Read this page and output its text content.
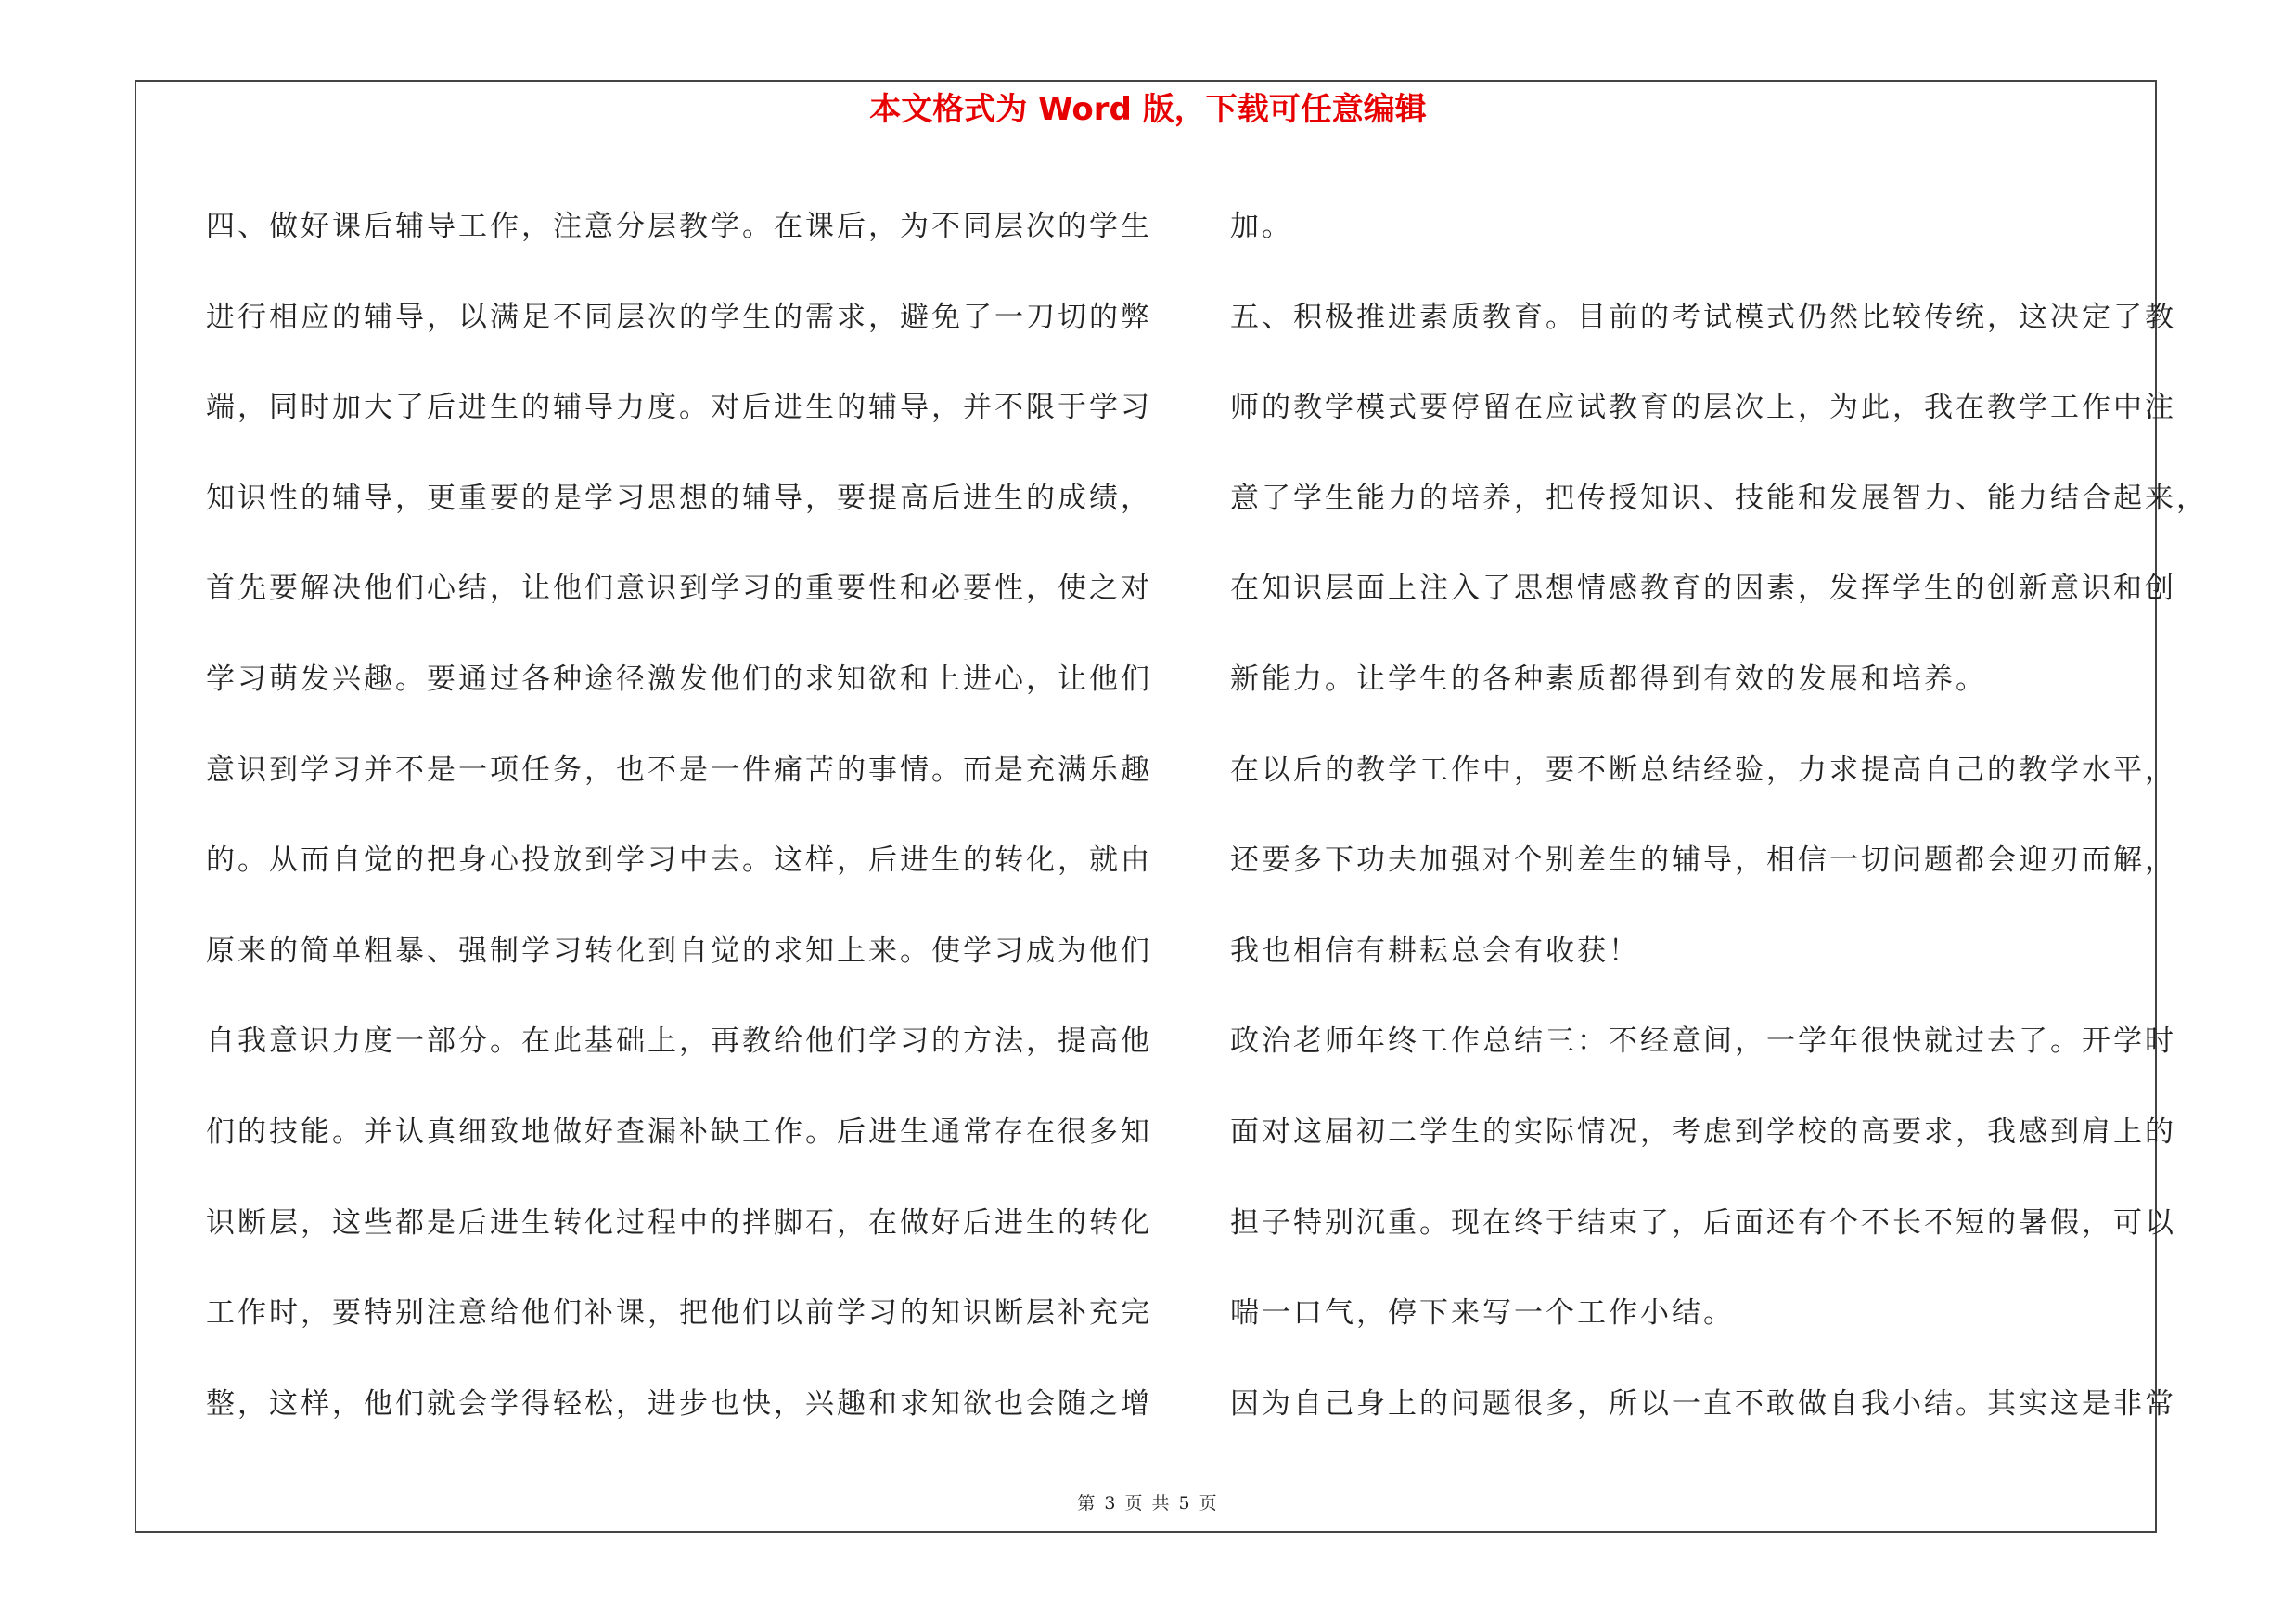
本文格式为 Word 版，下载可任意编辑
四、做好课后辅导工作，注意分层教学。在课后，为不同层次的学生
进行相应的辅导，以满足不同层次的学生的需求，避免了一刀切的弊
端，同时加大了后进生的辅导力度。对后进生的辅导，并不限于学习
知识性的辅导，更重要的是学习思想的辅导，要提高后进生的成绩，
首先要解决他们心结，让他们意识到学习的重要性和必要性，使之对
学习萌发兴趣。要通过各种途径激发他们的求知欲和上进心，让他们
意识到学习并不是一项任务，也不是一件痛苦的事情。而是充满乐趣
的。从而自觉的把身心投放到学习中去。这样，后进生的转化，就由
原来的简单粗暴、强制学习转化到自觉的求知上来。使学习成为他们
自我意识力度一部分。在此基础上，再教给他们学习的方法，提高他
们的技能。并认真细致地做好查漏补缺工作。后进生通常存在很多知
识断层，这些都是后进生转化过程中的拌脚石，在做好后进生的转化
工作时，要特别注意给他们补课，把他们以前学习的知识断层补充完
整，这样，他们就会学得轻松，进步也快，兴趣和求知欲也会随之增
加。
五、积极推进素质教育。目前的考试模式仍然比较传统，这决定了教
师的教学模式要停留在应试教育的层次上，为此，我在教学工作中注
意了学生能力的培养，把传授知识、技能和发展智力、能力结合起来，
在知识层面上注入了思想情感教育的因素，发挥学生的创新意识和创
新能力。让学生的各种素质都得到有效的发展和培养。
在以后的教学工作中，要不断总结经验，力求提高自己的教学水平，
还要多下功夫加强对个别差生的辅导，相信一切问题都会迎刃而解，
我也相信有耕耘总会有收获！
政治老师年终工作总结三：不经意间，一学年很快就过去了。开学时
面对这届初二学生的实际情况，考虑到学校的高要求，我感到肩上的
担子特别沉重。现在终于结束了，后面还有个不长不短的暑假，可以
喘一口气，停下来写一个工作小结。
因为自己身上的问题很多，所以一直不敢做自我小结。其实这是非常
第 3 页 共 5 页
